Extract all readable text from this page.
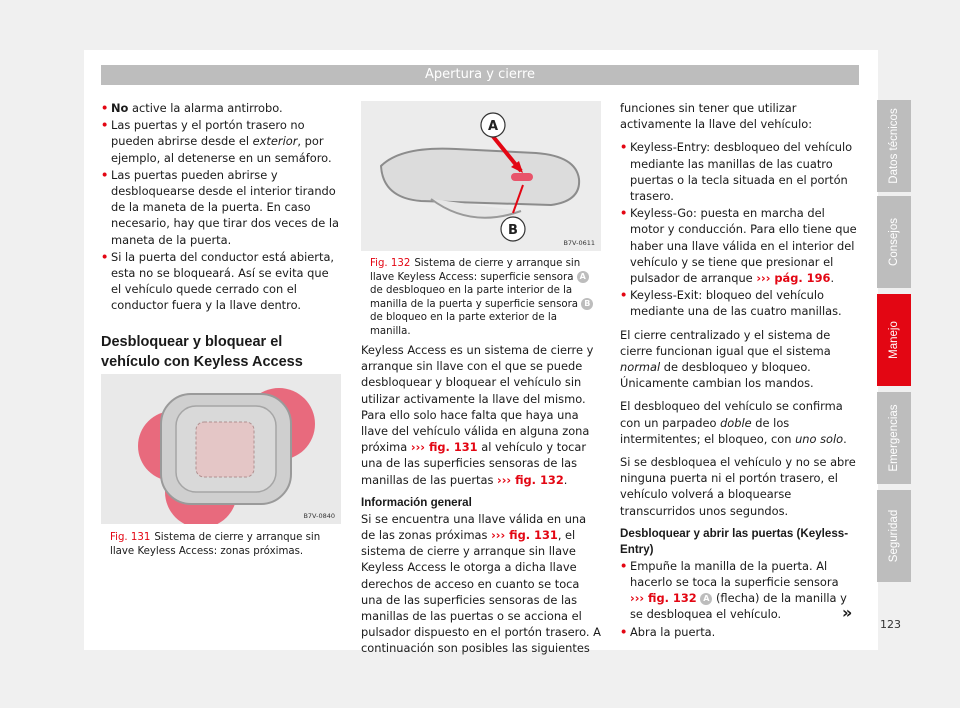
Apertura y cierre
• No active la alarma antirrobo.
• Las puertas y el portón trasero no pueden abrirse desde el exterior, por ejemplo, al detenerse en un semáforo.
• Las puertas pueden abrirse y desbloquearse desde el interior tirando de la maneta de la puerta. En caso necesario, hay que tirar dos veces de la maneta de la puerta.
• Si la puerta del conductor está abierta, esta no se bloqueará. Así se evita que el vehículo quede cerrado con el conductor fuera y la llave dentro.
Desbloquear y bloquear el vehículo con Keyless Access
B7V-0840
Fig. 131 Sistema de cierre y arranque sin llave Keyless Access: zonas próximas.
A
B
B7V-0611
Fig. 132 Sistema de cierre y arranque sin llave Keyless Access: superficie sensora A de desbloqueo en la parte interior de la manilla de la puerta y superficie sensora B de bloqueo en la parte exterior de la manilla.

Keyless Access es un sistema de cierre y arranque sin llave con el que se puede desbloquear y bloquear el vehículo sin utilizar activamente la llave del mismo. Para ello solo hace falta que haya una llave del vehículo válida en alguna zona próxima ››› fig. 131 al vehículo y tocar una de las superficies sensoras de las manillas de las puertas ››› fig. 132.

Información general

Si se encuentra una llave válida en una de las zonas próximas ››› fig. 131, el sistema de cierre y arranque sin llave Keyless Access le otorga a dicha llave derechos de acceso en cuanto se toca una de las superficies sensoras de las manillas de las puertas o se acciona el pulsador dispuesto en el portón trasero. A continuación son posibles las siguientes

funciones sin tener que utilizar activamente la llave del vehículo:

• Keyless-Entry: desbloqueo del vehículo mediante las manillas de las cuatro puertas o la tecla situada en el portón trasero.
• Keyless-Go: puesta en marcha del motor y conducción. Para ello tiene que haber una llave válida en el interior del vehículo y se tiene que presionar el pulsador de arranque ››› pág. 196.
• Keyless-Exit: bloqueo del vehículo mediante una de las cuatro manillas.

El cierre centralizado y el sistema de cierre funcionan igual que el sistema normal de desbloqueo y bloqueo. Únicamente cambian los mandos.

El desbloqueo del vehículo se confirma con un parpadeo doble de los intermitentes; el bloqueo, con uno solo.

Si se desbloquea el vehículo y no se abre ninguna puerta ni el portón trasero, el vehículo volverá a bloquearse transcurridos unos segundos.

Desbloquear y abrir las puertas (Keyless-Entry)
• Empuñe la manilla de la puerta. Al hacerlo se toca la superficie sensora
››› fig. 132 A (flecha) de la manilla y se desbloquea el vehículo.
• Abra la puerta.
»
Datos técnicos
Consejos
Manejo
Emergencias
Seguridad
123
